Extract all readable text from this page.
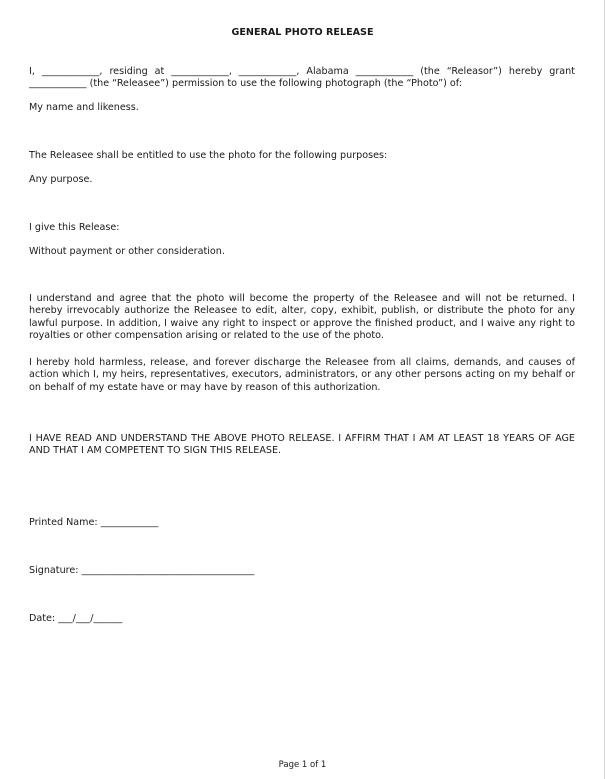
GENERAL PHOTO RELEASE
I, ____________, residing at ____________, ____________, Alabama ____________ (the “Releasor”) hereby grant ____________ (the “Releasee”) permission to use the following photograph (the “Photo”) of:
My name and likeness.
The Releasee shall be entitled to use the photo for the following purposes:
Any purpose.
I give this Release:
Without payment or other consideration.
I understand and agree that the photo will become the property of the Releasee and will not be returned. I hereby irrevocably authorize the Releasee to edit, alter, copy, exhibit, publish, or distribute the photo for any lawful purpose. In addition, I waive any right to inspect or approve the finished product, and I waive any right to royalties or other compensation arising or related to the use of the photo.
I hereby hold harmless, release, and forever discharge the Releasee from all claims, demands, and causes of action which I, my heirs, representatives, executors, administrators, or any other persons acting on my behalf or on behalf of my estate have or may have by reason of this authorization.
I HAVE READ AND UNDERSTAND THE ABOVE PHOTO RELEASE. I AFFIRM THAT I AM AT LEAST 18 YEARS OF AGE AND THAT I AM COMPETENT TO SIGN THIS RELEASE.
Printed Name: ____________
Signature: ____________________________________
Date: ___/___/______
Page 1 of 1
